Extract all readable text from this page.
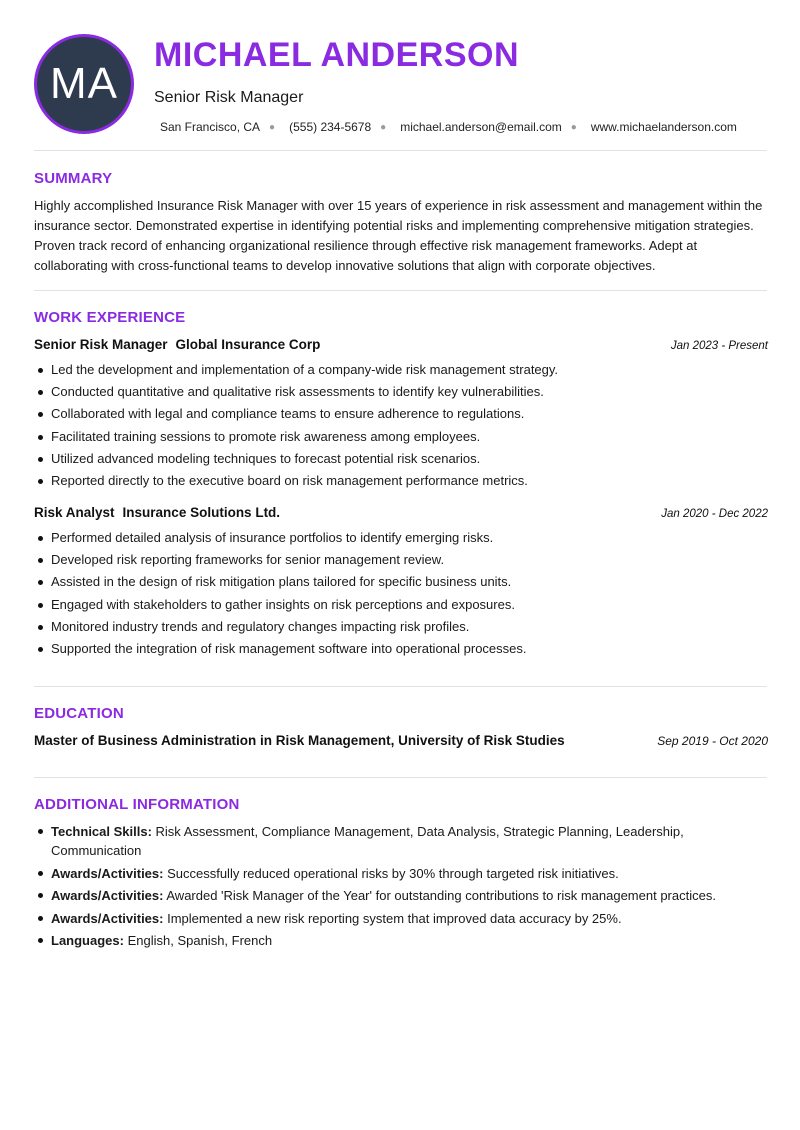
MA
MICHAEL ANDERSON
Senior Risk Manager
San Francisco, CA ● (555) 234-5678 ● michael.anderson@email.com ● www.michaelanderson.com
SUMMARY

Highly accomplished Insurance Risk Manager with over 15 years of experience in risk assessment and management within the insurance sector. Demonstrated expertise in identifying potential risks and implementing comprehensive mitigation strategies. Proven track record of enhancing organizational resilience through effective risk management frameworks. Adept at collaborating with cross-functional teams to develop innovative solutions that align with corporate objectives.

WORK EXPERIENCE
Senior Risk Manager Global Insurance Corp	Jan 2023 - Present
Led the development and implementation of a company-wide risk management strategy.
Conducted quantitative and qualitative risk assessments to identify key vulnerabilities.
Collaborated with legal and compliance teams to ensure adherence to regulations.
Facilitated training sessions to promote risk awareness among employees.
Utilized advanced modeling techniques to forecast potential risk scenarios.
Reported directly to the executive board on risk management performance metrics.
Risk Analyst Insurance Solutions Ltd.	Jan 2020 - Dec 2022
Performed detailed analysis of insurance portfolios to identify emerging risks.
Developed risk reporting frameworks for senior management review.
Assisted in the design of risk mitigation plans tailored for specific business units.
Engaged with stakeholders to gather insights on risk perceptions and exposures.
Monitored industry trends and regulatory changes impacting risk profiles.
Supported the integration of risk management software into operational processes.
EDUCATION
Master of Business Administration in Risk Management, University of Risk Studies	Sep 2019 - Oct 2020
ADDITIONAL INFORMATION
Technical Skills: Risk Assessment, Compliance Management, Data Analysis, Strategic Planning, Leadership, Communication
Awards/Activities: Successfully reduced operational risks by 30% through targeted risk initiatives.
Awards/Activities: Awarded 'Risk Manager of the Year' for outstanding contributions to risk management practices.
Awards/Activities: Implemented a new risk reporting system that improved data accuracy by 25%.
Languages: English, Spanish, French
